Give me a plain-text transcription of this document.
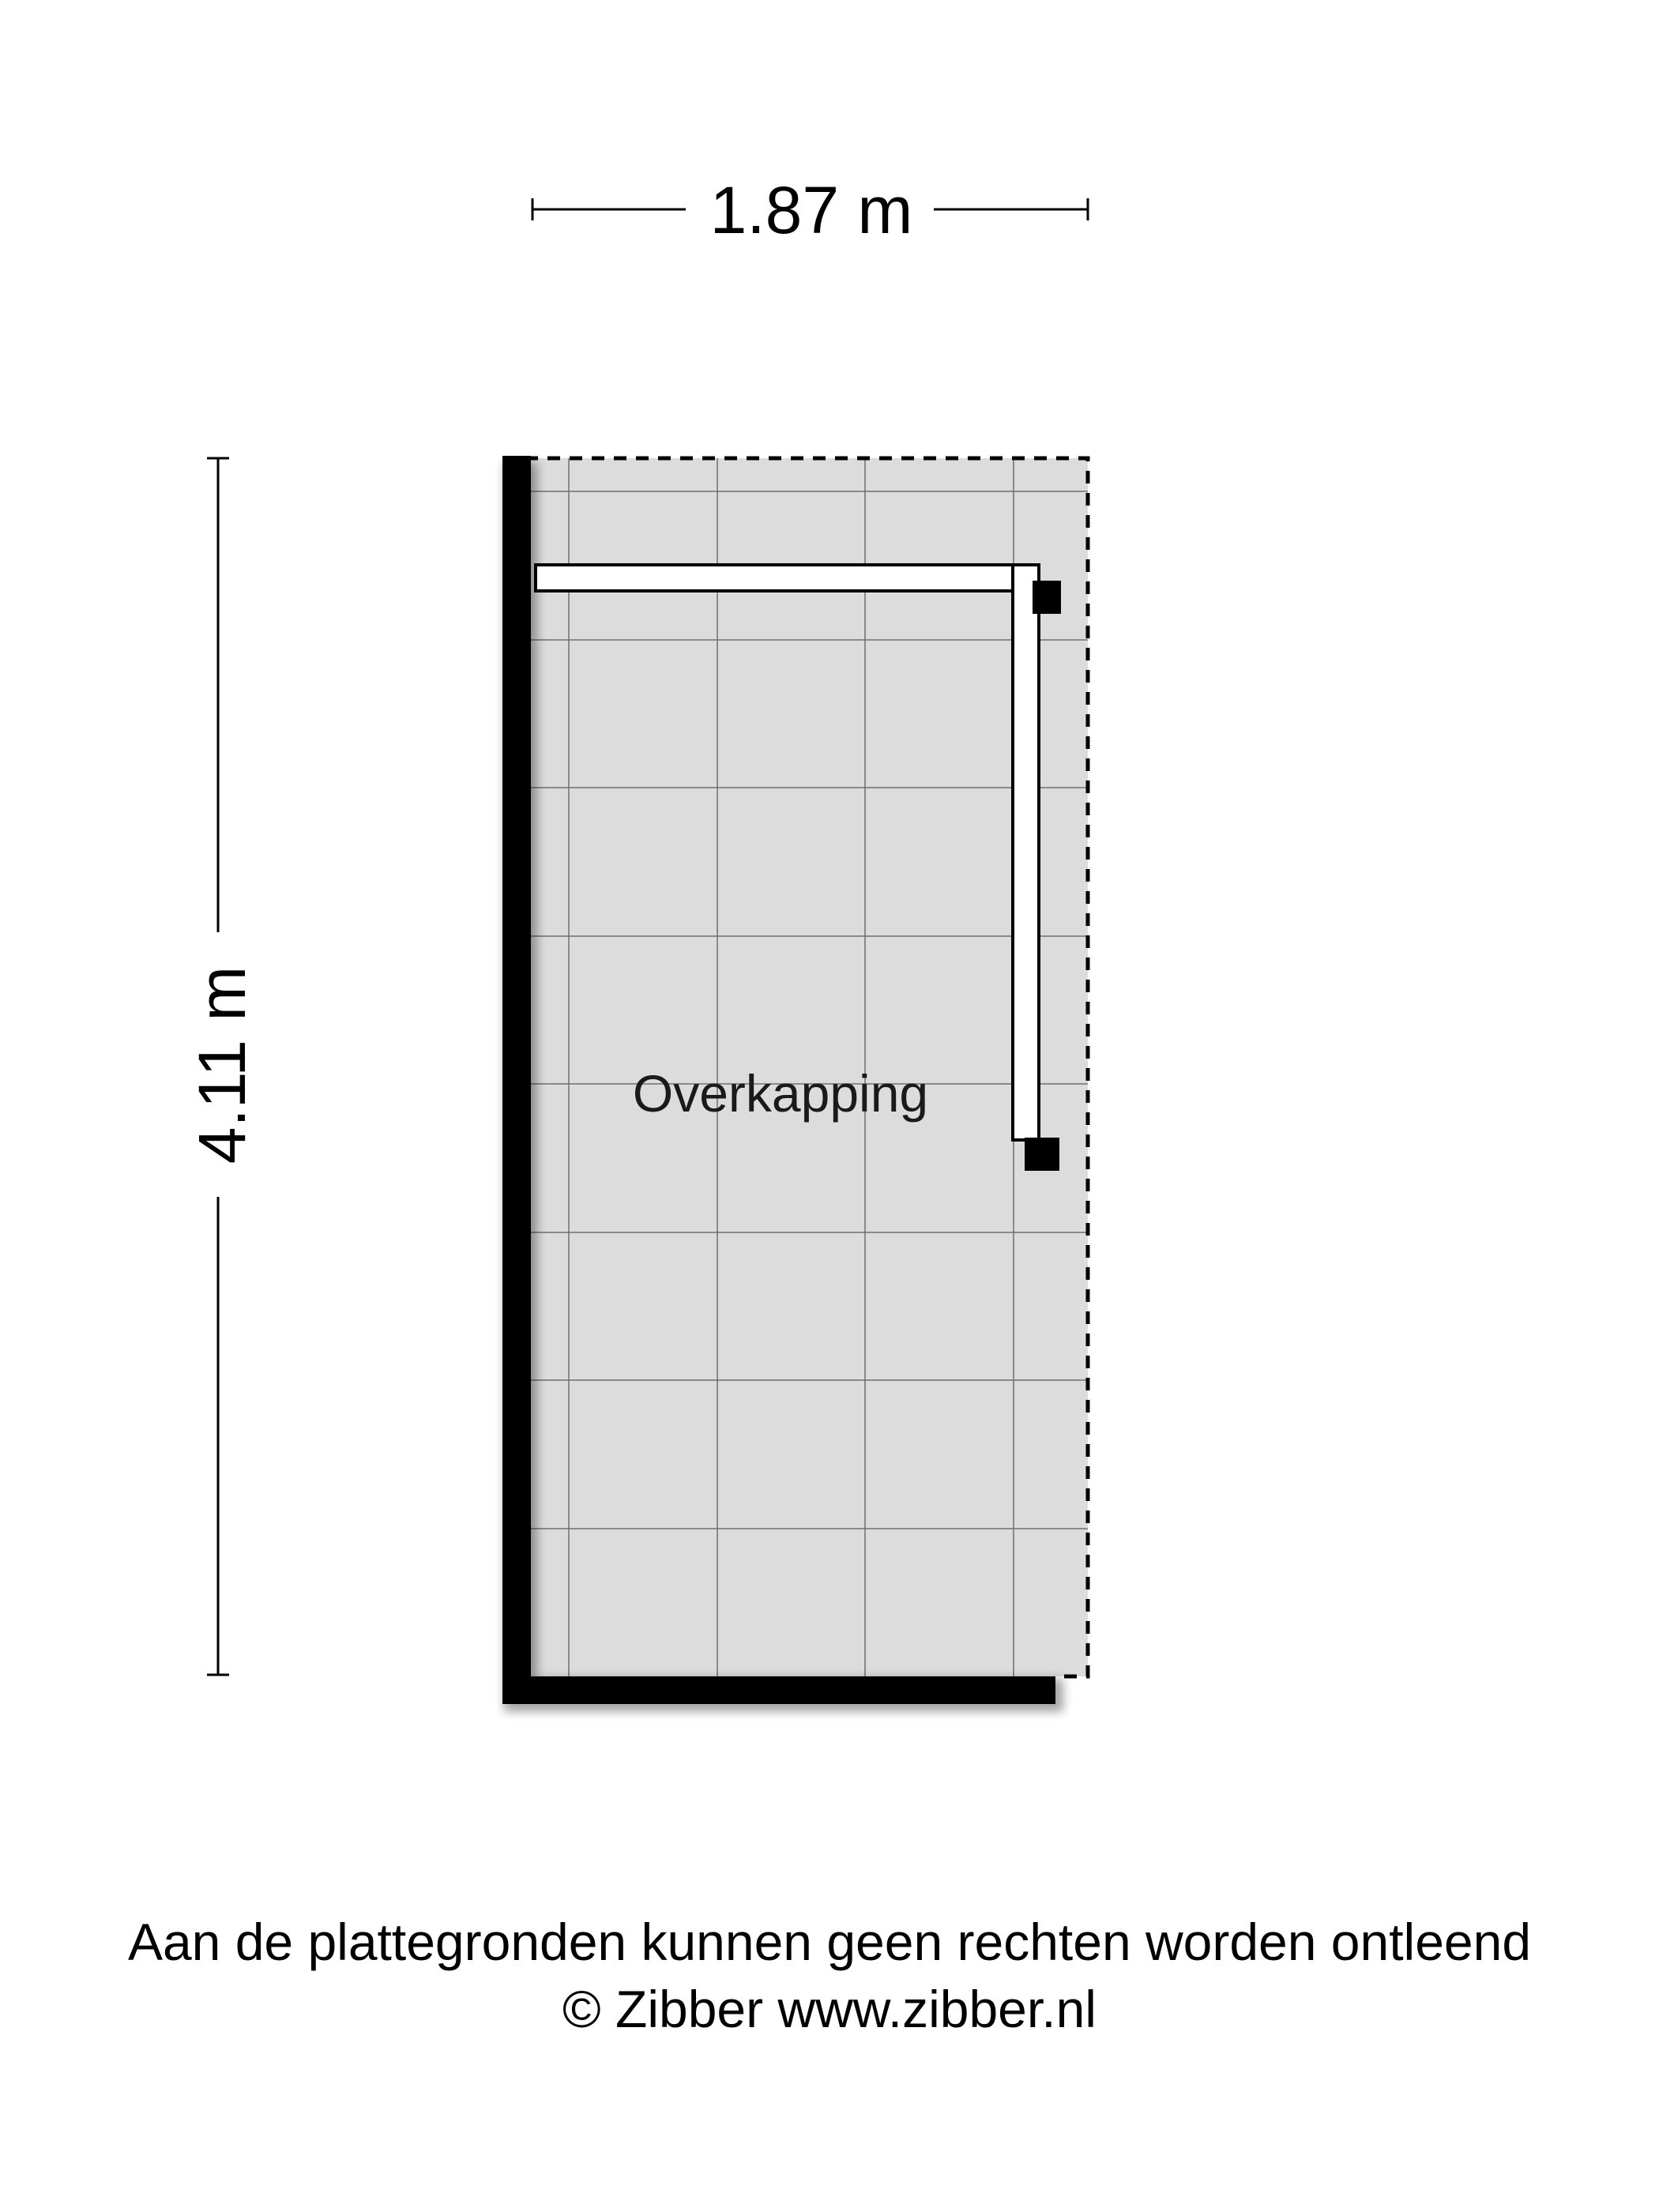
1.87 m
4.11 m	Overkapping
Aan de plattegronden kunnen geen rechten worden ontleend
© Zibber www.zibber.nl
